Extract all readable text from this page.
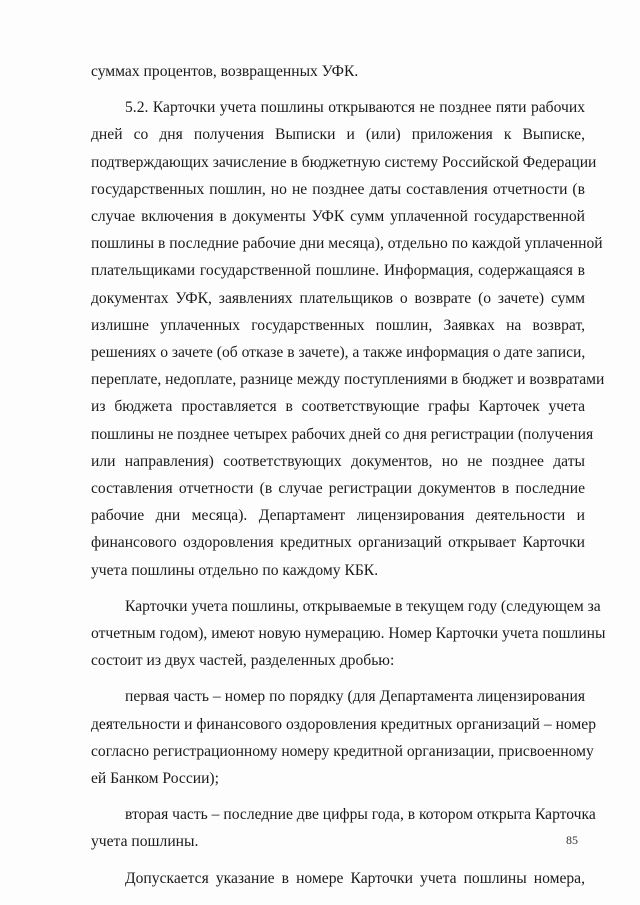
суммах процентов, возвращенных УФК.
5.2. Карточки учета пошлины открываются не позднее пяти рабочих
дней со дня получения Выписки и (или) приложения к Выписке,
подтверждающих зачисление в бюджетную систему Российской Федерации
государственных пошлин, но не позднее даты составления отчетности (в
случае включения в документы УФК сумм уплаченной государственной
пошлины в последние рабочие дни месяца), отдельно по каждой уплаченной
плательщиками государственной пошлине. Информация, содержащаяся в
документах УФК, заявлениях плательщиков о возврате (о зачете) сумм
излишне уплаченных государственных пошлин, Заявках на возврат,
решениях о зачете (об отказе в зачете), а также информация о дате записи,
переплате, недоплате, разнице между поступлениями в бюджет и возвратами
из бюджета проставляется в соответствующие графы Карточек учета
пошлины не позднее четырех рабочих дней со дня регистрации (получения
или направления) соответствующих документов, но не позднее даты
составления отчетности (в случае регистрации документов в последние
рабочие дни месяца). Департамент лицензирования деятельности и
финансового оздоровления кредитных организаций открывает Карточки
учета пошлины отдельно по каждому КБК.
Карточки учета пошлины, открываемые в текущем году (следующем за
отчетным годом), имеют новую нумерацию. Номер Карточки учета пошлины
состоит из двух частей, разделенных дробью:
первая часть – номер по порядку (для Департамента лицензирования
деятельности и финансового оздоровления кредитных организаций – номер
согласно регистрационному номеру кредитной организации, присвоенному
ей Банком России);
вторая часть – последние две цифры года, в котором открыта Карточка
учета пошлины.
Допускается указание в номере Карточки учета пошлины номера,
85
